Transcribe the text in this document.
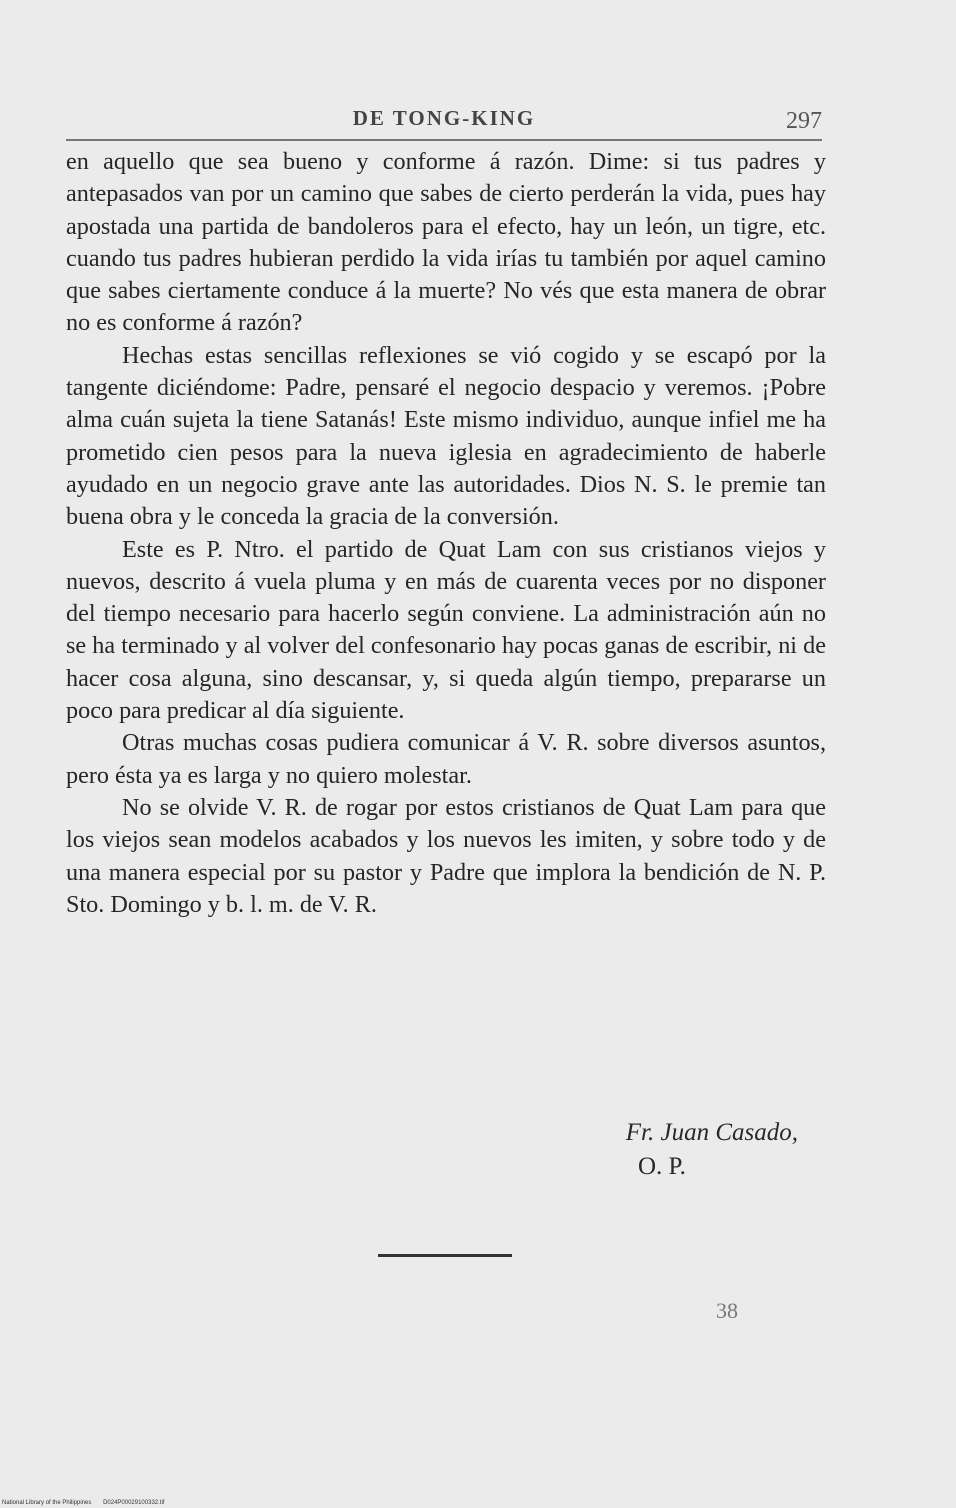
DE TONG-KING	297

en aquello que sea bueno y conforme á razón. Dime: si tus padres y antepasados van por un camino que sabes de cierto perderán la vida, pues hay apostada una partida de bandoleros para el efecto, hay un león, un tigre, etc. cuando tus padres hubieran perdido la vida irías tu también por aquel camino que sabes ciertamente conduce á la muerte? No vés que esta manera de obrar no es conforme á razón?

Hechas estas sencillas reflexiones se vió cogido y se escapó por la tangente diciéndome: Padre, pensaré el negocio despacio y veremos. ¡Pobre alma cuán sujeta la tiene Satanás! Este mismo individuo, aunque infiel me ha prometido cien pesos para la nueva iglesia en agradecimiento de haberle ayudado en un negocio grave ante las autoridades. Dios N. S. le premie tan buena obra y le conceda la gracia de la conversión.

Este es P. Ntro. el partido de Quat Lam con sus cristianos viejos y nuevos, descrito á vuela pluma y en más de cuarenta veces por no disponer del tiempo necesario para hacerlo según conviene. La administración aún no se ha terminado y al volver del confesonario hay pocas ganas de escribir, ni de hacer cosa alguna, sino descansar, y, si queda algún tiempo, prepararse un poco para predicar al día siguiente.

Otras muchas cosas pudiera comunicar á V. R. sobre diversos asuntos, pero ésta ya es larga y no quiero molestar.

No se olvide V. R. de rogar por estos cristianos de Quat Lam para que los viejos sean modelos acabados y los nuevos les imiten, y sobre todo y de una manera especial por su pastor y Padre que implora la bendición de N. P. Sto. Domingo y b. l. m. de V. R.

Fr. Juan Casado,
O. P.
38
National Library of the Philippines D024P00029100332.tif
